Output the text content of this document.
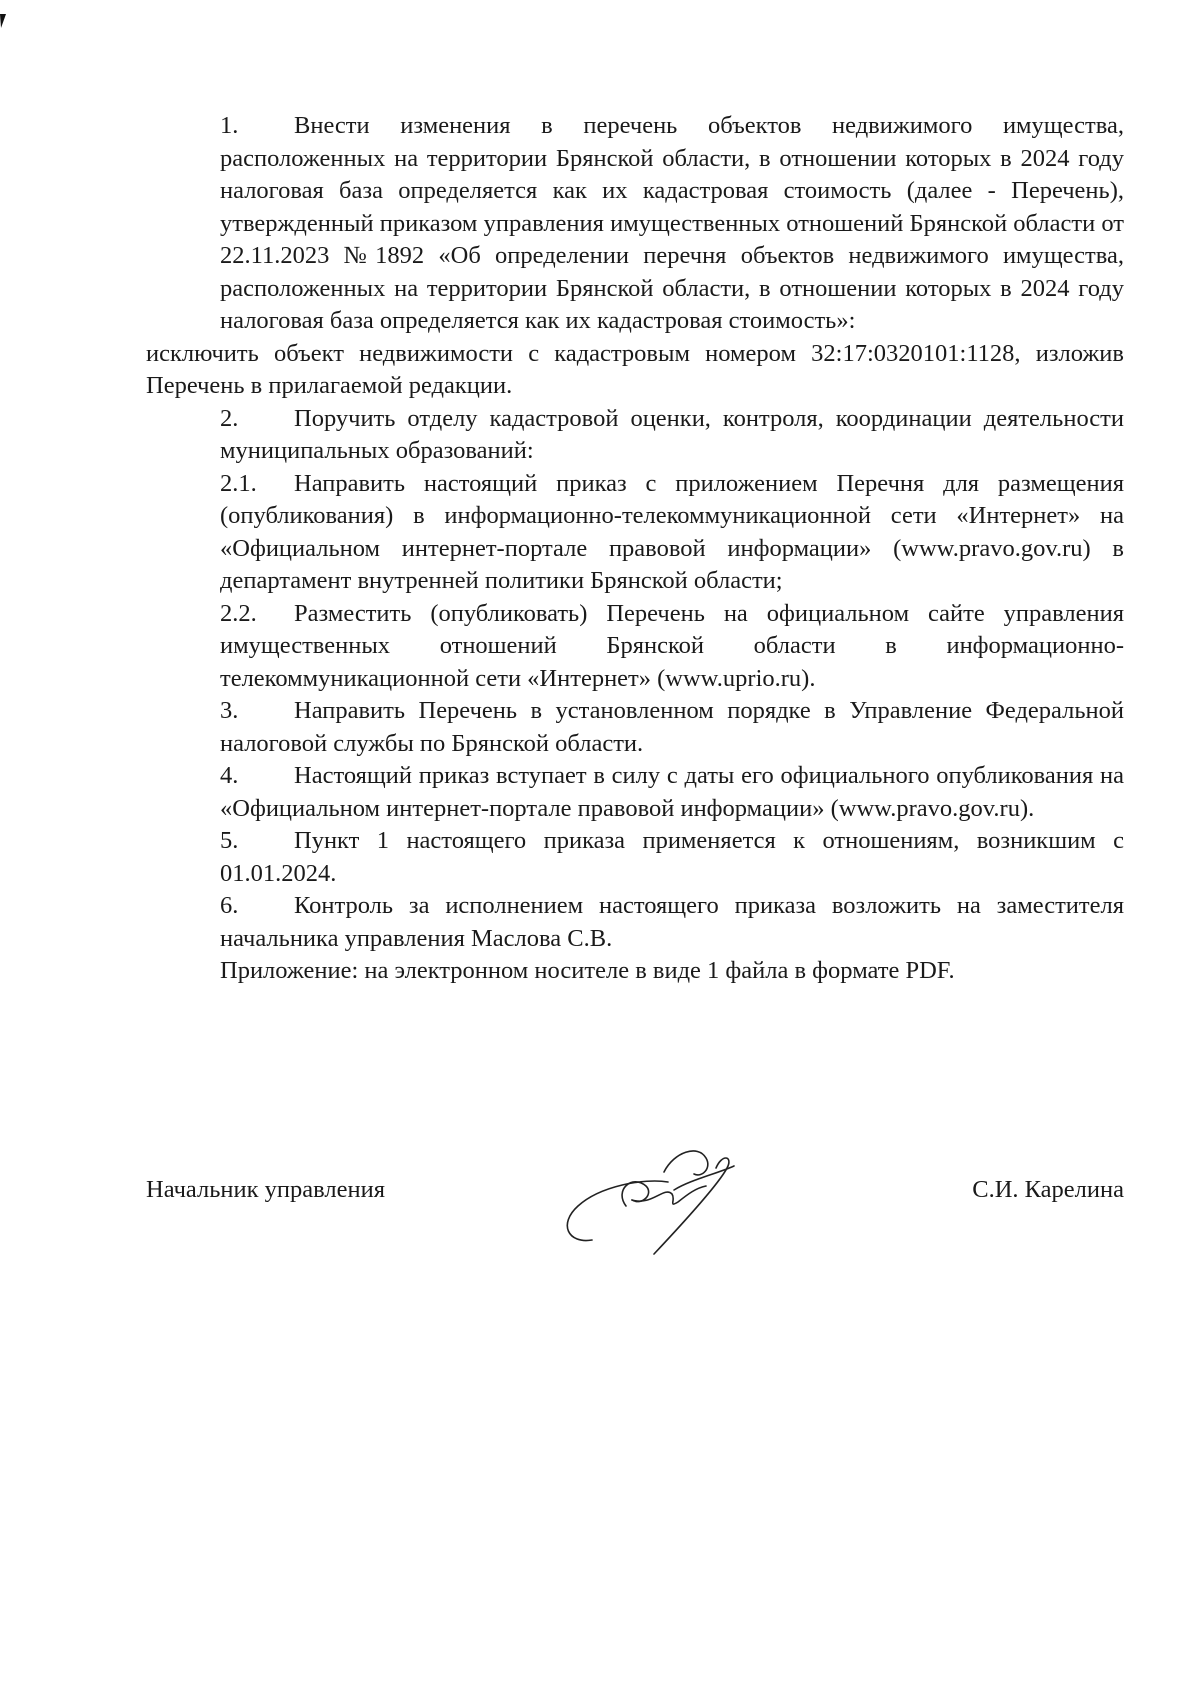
1. Внести изменения в перечень объектов недвижимого имущества, расположенных на территории Брянской области, в отношении которых в 2024 году налоговая база определяется как их кадастровая стоимость (далее - Перечень), утвержденный приказом управления имущественных отношений Брянской области от 22.11.2023 №1892 «Об определении перечня объектов недвижимого имущества, расположенных на территории Брянской области, в отношении которых в 2024 году налоговая база определяется как их кадастровая стоимость»:

исключить объект недвижимости с кадастровым номером 32:17:0320101:1128, изложив Перечень в прилагаемой редакции.

2. Поручить отделу кадастровой оценки, контроля, координации деятельности муниципальных образований:

2.1. Направить настоящий приказ с приложением Перечня для размещения (опубликования) в информационно-телекоммуникационной сети «Интернет» на «Официальном интернет-портале правовой информации» (www.pravo.gov.ru) в департамент внутренней политики Брянской области;

2.2. Разместить (опубликовать) Перечень на официальном сайте управления имущественных отношений Брянской области в информационно-телекоммуникационной сети «Интернет» (www.uprio.ru).

3. Направить Перечень в установленном порядке в Управление Федеральной налоговой службы по Брянской области.

4. Настоящий приказ вступает в силу с даты его официального опубликования на «Официальном интернет-портале правовой информации» (www.pravo.gov.ru).

5. Пункт 1 настоящего приказа применяется к отношениям, возникшим с 01.01.2024.

6. Контроль за исполнением настоящего приказа возложить на заместителя начальника управления Маслова С.В.

Приложение: на электронном носителе в виде 1 файла в формате PDF.

Начальник управления	С.И. Карелина
